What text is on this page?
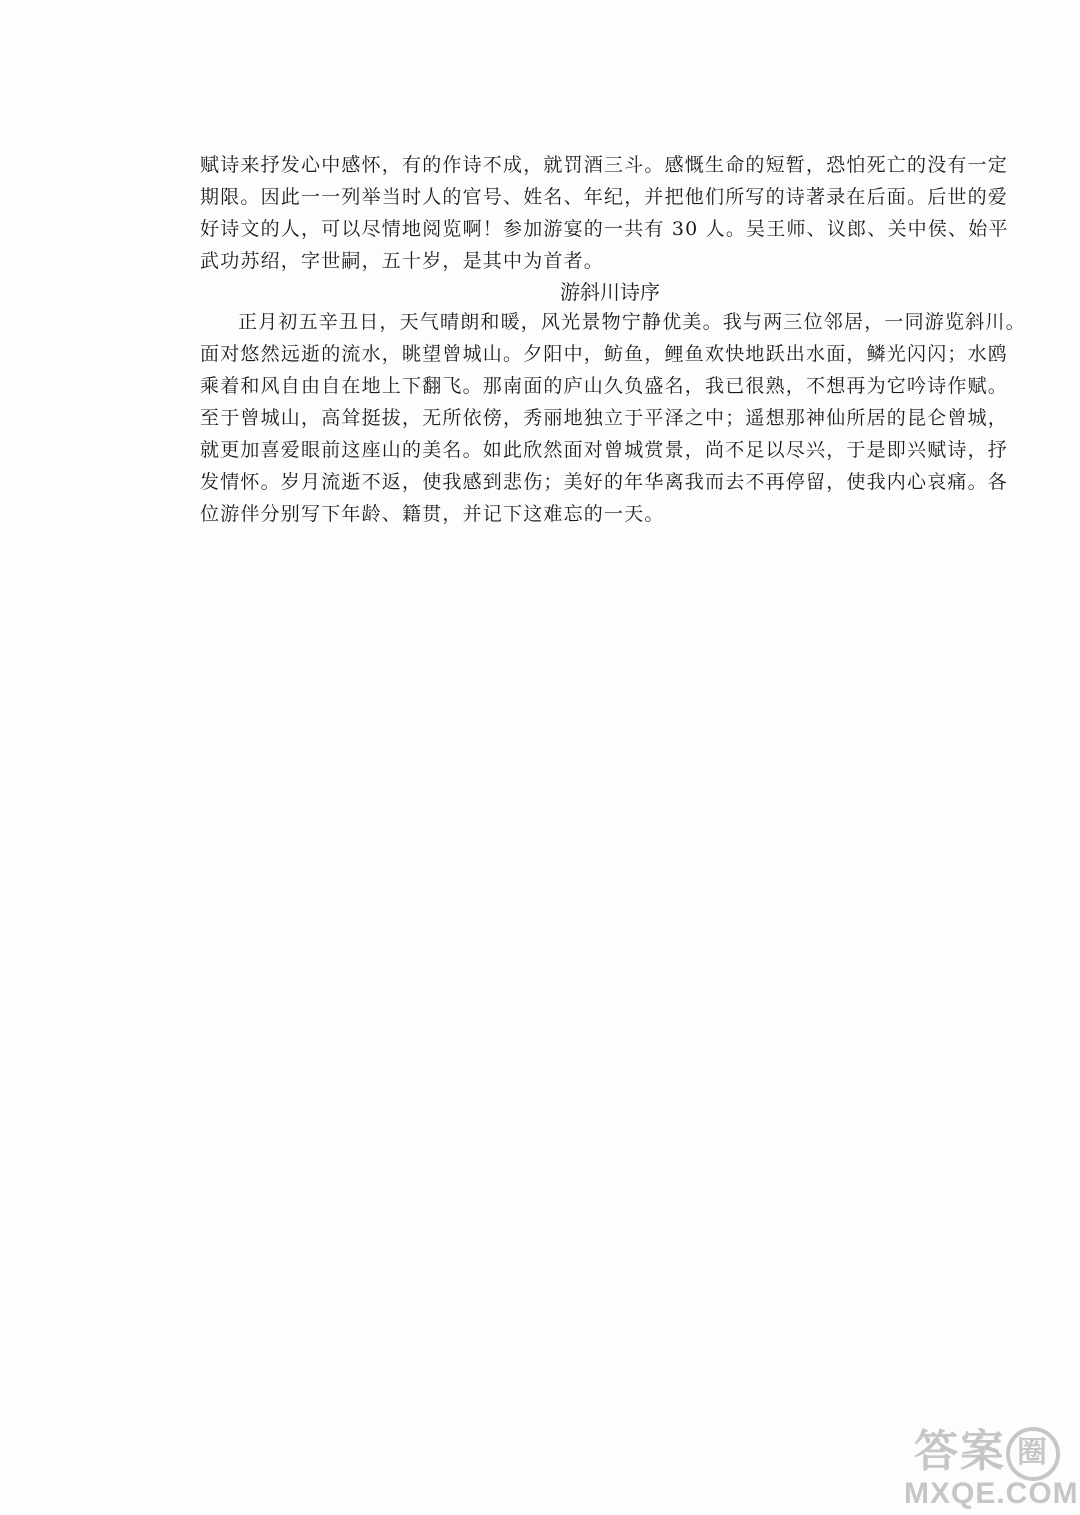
赋诗来抒发心中感怀，有的作诗不成，就罚酒三斗。感慨生命的短暂，恐怕死亡的没有一定
期限。因此一一列举当时人的官号、姓名、年纪，并把他们所写的诗著录在后面。后世的爱
好诗文的人，可以尽情地阅览啊！参加游宴的一共有 30 人。吴王师、议郎、关中侯、始平
武功苏绍，字世嗣，五十岁，是其中为首者。
游斜川诗序
正月初五辛丑日，天气晴朗和暖，风光景物宁静优美。我与两三位邻居，一同游览斜川。
面对悠然远逝的流水，眺望曾城山。夕阳中，鲂鱼，鲤鱼欢快地跃出水面，鳞光闪闪；水鸥
乘着和风自由自在地上下翻飞。那南面的庐山久负盛名，我已很熟，不想再为它吟诗作赋。
至于曾城山，高耸挺拔，无所依傍，秀丽地独立于平泽之中；遥想那神仙所居的昆仑曾城，
就更加喜爱眼前这座山的美名。如此欣然面对曾城赏景，尚不足以尽兴，于是即兴赋诗，抒
发情怀。岁月流逝不返，使我感到悲伤；美好的年华离我而去不再停留，使我内心哀痛。各
位游伴分别写下年龄、籍贯，并记下这难忘的一天。
答案 圈
MXQE.COM
